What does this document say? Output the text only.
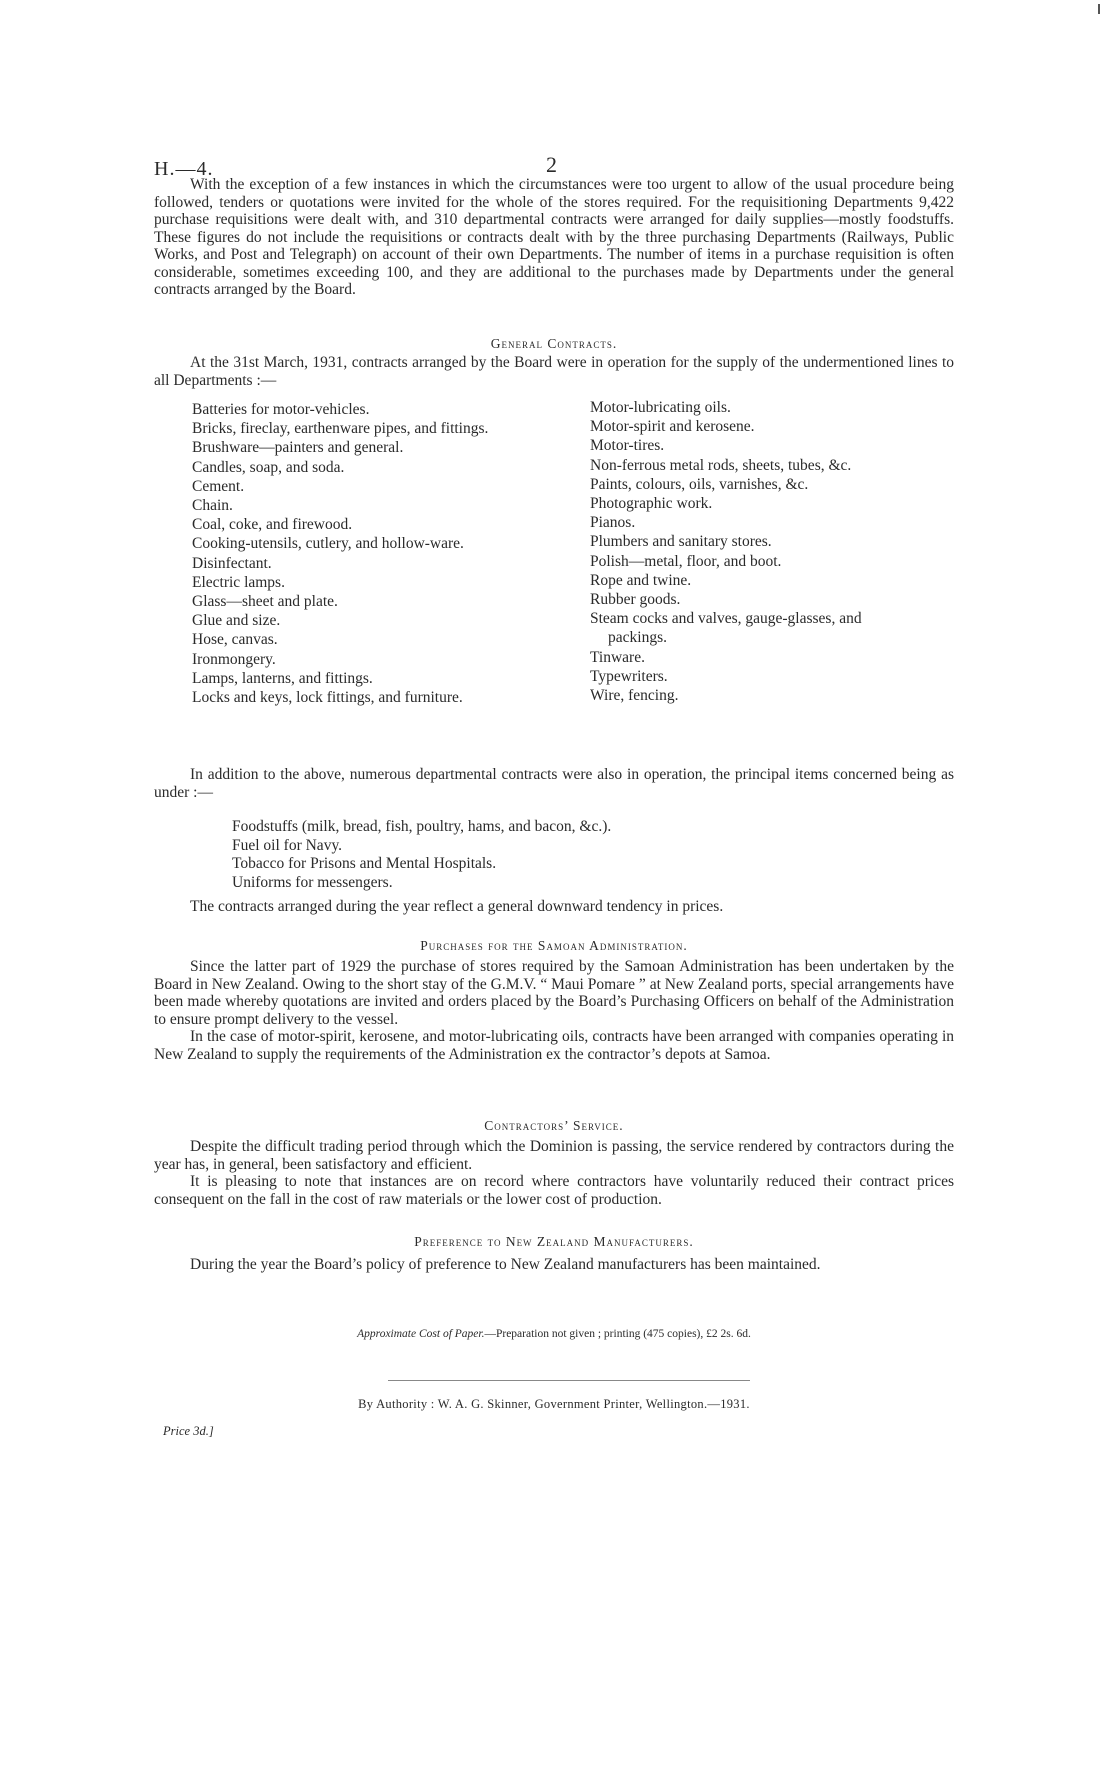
H.—4.	2

With the exception of a few instances in which the circumstances were too urgent to allow of the usual procedure being followed, tenders or quotations were invited for the whole of the stores required. For the requisitioning Departments 9,422 purchase requisitions were dealt with, and 310 departmental contracts were arranged for daily supplies—mostly foodstuffs. These figures do not include the requisitions or contracts dealt with by the three purchasing Departments (Railways, Public Works, and Post and Telegraph) on account of their own Departments. The number of items in a purchase requisition is often considerable, sometimes exceeding 100, and they are additional to the purchases made by Departments under the general contracts arranged by the Board.

General Contracts.

At the 31st March, 1931, contracts arranged by the Board were in operation for the supply of the undermentioned lines to all Departments :—

Batteries for motor-vehicles.
Bricks, fireclay, earthenware pipes, and fittings.
Brushware—painters and general.
Candles, soap, and soda.
Cement.
Chain.
Coal, coke, and firewood.
Cooking-utensils, cutlery, and hollow-ware.
Disinfectant.
Electric lamps.
Glass—sheet and plate.
Glue and size.
Hose, canvas.
Ironmongery.
Lamps, lanterns, and fittings.
Locks and keys, lock fittings, and furniture.
Motor-lubricating oils.
Motor-spirit and kerosene.
Motor-tires.
Non-ferrous metal rods, sheets, tubes, &c.
Paints, colours, oils, varnishes, &c.
Photographic work.
Pianos.
Plumbers and sanitary stores.
Polish—metal, floor, and boot.
Rope and twine.
Rubber goods.
Steam cocks and valves, gauge-glasses, and
packings.
Tinware.
Typewriters.
Wire, fencing.

In addition to the above, numerous departmental contracts were also in operation, the principal items concerned being as under :—

Foodstuffs (milk, bread, fish, poultry, hams, and bacon, &c.).
Fuel oil for Navy.
Tobacco for Prisons and Mental Hospitals.
Uniforms for messengers.

The contracts arranged during the year reflect a general downward tendency in prices.

Purchases for the Samoan Administration.

Since the latter part of 1929 the purchase of stores required by the Samoan Administration has been undertaken by the Board in New Zealand. Owing to the short stay of the G.M.V. “ Maui Pomare ” at New Zealand ports, special arrangements have been made whereby quotations are invited and orders placed by the Board’s Purchasing Officers on behalf of the Administration to ensure prompt delivery to the vessel.

In the case of motor-spirit, kerosene, and motor-lubricating oils, contracts have been arranged with companies operating in New Zealand to supply the requirements of the Administration ex the contractor’s depots at Samoa.

Contractors’ Service.

Despite the difficult trading period through which the Dominion is passing, the service rendered by contractors during the year has, in general, been satisfactory and efficient.

It is pleasing to note that instances are on record where contractors have voluntarily reduced their contract prices consequent on the fall in the cost of raw materials or the lower cost of production.

Preference to New Zealand Manufacturers.

During the year the Board’s policy of preference to New Zealand manufacturers has been maintained.

Approximate Cost of Paper.—Preparation not given ; printing (475 copies), £2 2s. 6d.
By Authority : W. A. G. Skinner, Government Printer, Wellington.—1931.
Price 3d.]
